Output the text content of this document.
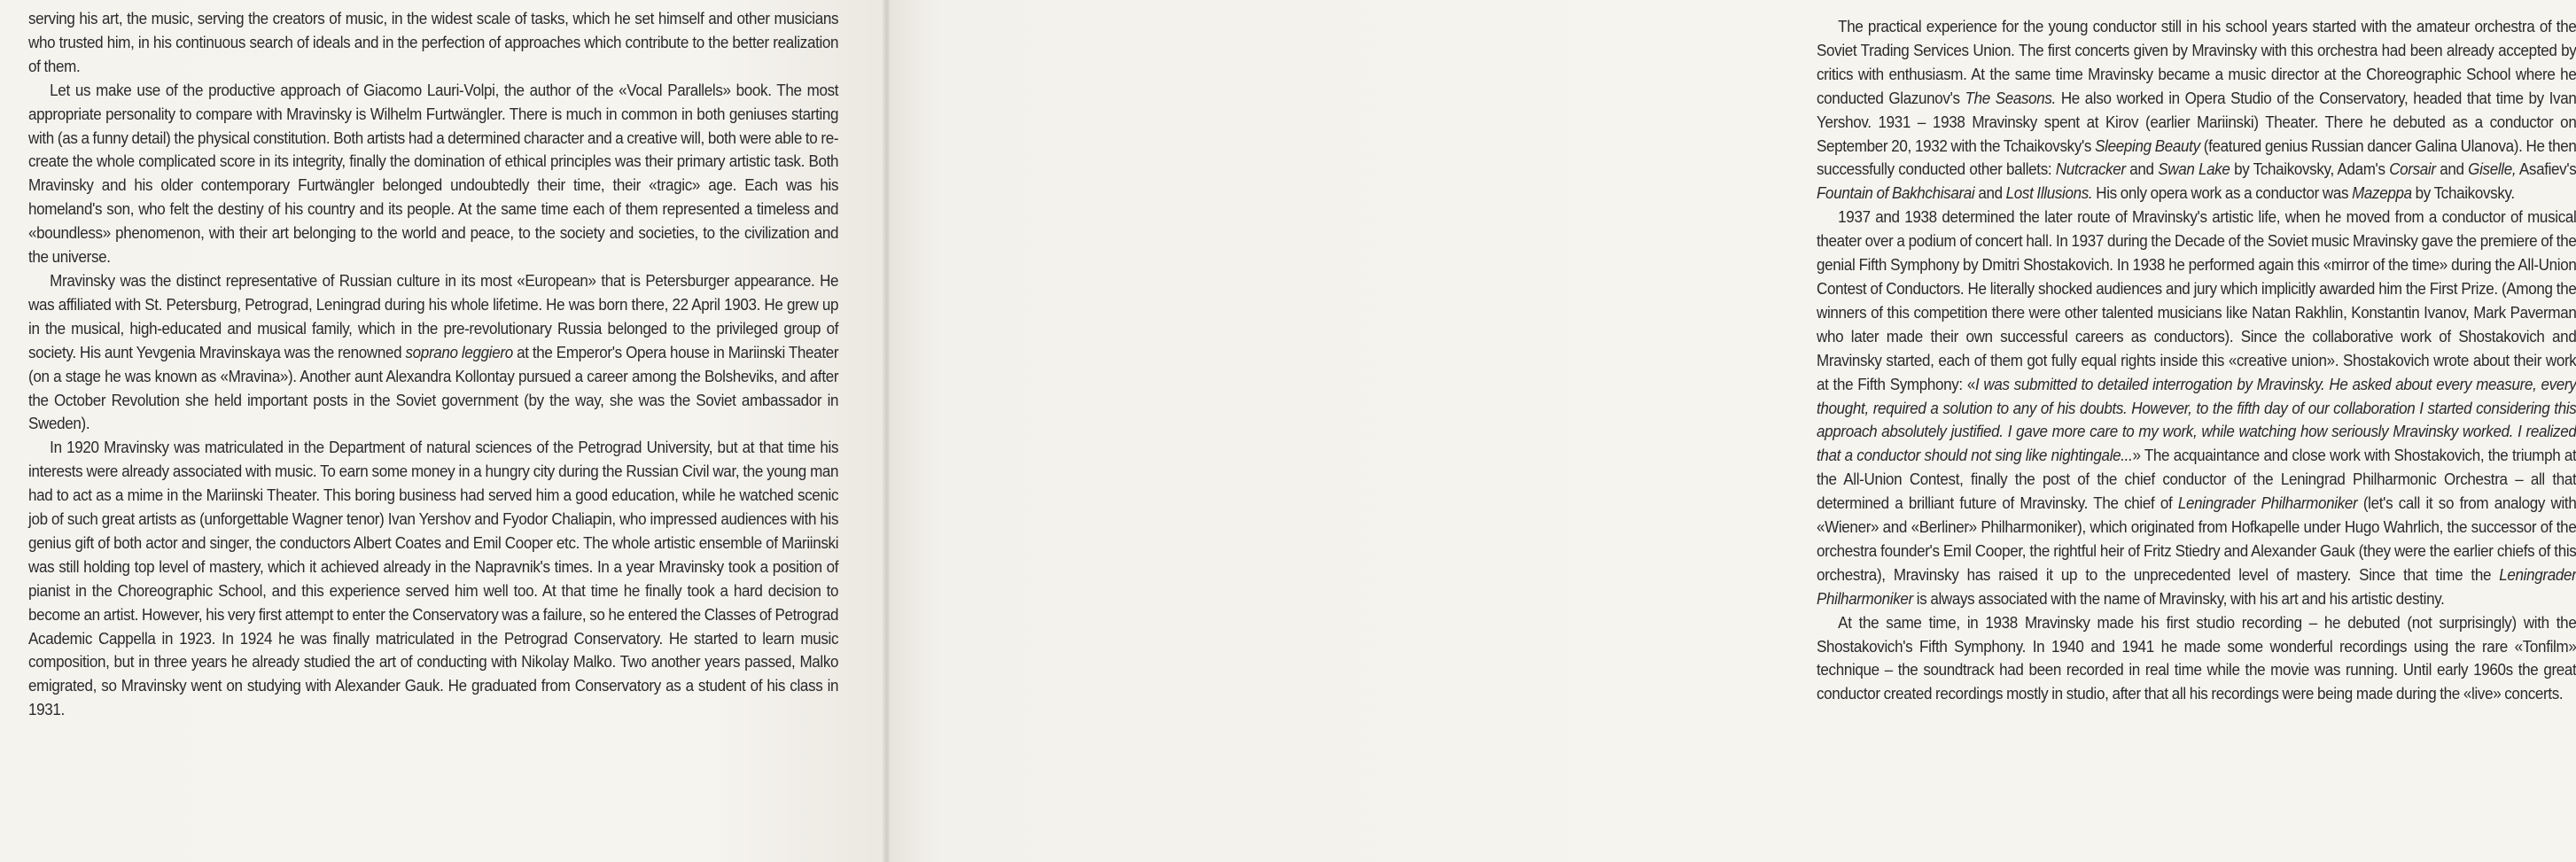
serving his art, the music, serving the creators of music, in the widest scale of tasks, which he set himself and other musicians who trusted him, in his continuous search of ideals and in the perfection of approaches which contribute to the better realization of them.

Let us make use of the productive approach of Giacomo Lauri-Volpi, the author of the «Vocal Parallels» book. The most appropriate personality to compare with Mravinsky is Wilhelm Furtwängler. There is much in common in both geniuses starting with (as a funny detail) the physical constitution. Both artists had a determined character and a creative will, both were able to re-create the whole complicated score in its integrity, finally the domination of ethical principles was their primary artistic task. Both Mravinsky and his older contemporary Furtwängler belonged undoubtedly their time, their «tragic» age. Each was his homeland's son, who felt the destiny of his country and its people. At the same time each of them represented a timeless and «boundless» phenomenon, with their art belonging to the world and peace, to the society and societies, to the civilization and the universe.

Mravinsky was the distinct representative of Russian culture in its most «European» that is Petersburger appearance. He was affiliated with St. Petersburg, Petrograd, Leningrad during his whole lifetime. He was born there, 22 April 1903. He grew up in the musical, high-educated and musical family, which in the pre-revolutionary Russia belonged to the privileged group of society. His aunt Yevgenia Mravinskaya was the renowned soprano leggiero at the Emperor's Opera house in Mariinski Theater (on a stage he was known as «Mravina»). Another aunt Alexandra Kollontay pursued a career among the Bolsheviks, and after the October Revolution she held important posts in the Soviet government (by the way, she was the Soviet ambassador in Sweden).

In 1920 Mravinsky was matriculated in the Department of natural sciences of the Petrograd University, but at that time his interests were already associated with music. To earn some money in a hungry city during the Russian Civil war, the young man had to act as a mime in the Mariinski Theater. This boring business had served him a good education, while he watched scenic job of such great artists as (unforgettable Wagner tenor) Ivan Yershov and Fyodor Chaliapin, who impressed audiences with his genius gift of both actor and singer, the conductors Albert Coates and Emil Cooper etc. The whole artistic ensemble of Mariinski was still holding top level of mastery, which it achieved already in the Napravnik's times. In a year Mravinsky took a position of pianist in the Choreographic School, and this experience served him well too. At that time he finally took a hard decision to become an artist. However, his very first attempt to enter the Conservatory was a failure, so he entered the Classes of Petrograd Academic Cappella in 1923. In 1924 he was finally matriculated in the Petrograd Conservatory. He started to learn music composition, but in three years he already studied the art of conducting with Nikolay Malko. Two another years passed, Malko emigrated, so Mravinsky went on studying with Alexander Gauk. He graduated from Conservatory as a student of his class in 1931.

The practical experience for the young conductor still in his school years started with the amateur orchestra of the Soviet Trading Services Union. The first concerts given by Mravinsky with this orchestra had been already accepted by critics with enthusiasm. At the same time Mravinsky became a music director at the Choreographic School where he conducted Glazunov's The Seasons. He also worked in Opera Studio of the Conservatory, headed that time by Ivan Yershov. 1931 – 1938 Mravinsky spent at Kirov (earlier Mariinski) Theater. There he debuted as a conductor on September 20, 1932 with the Tchaikovsky's Sleeping Beauty (featured genius Russian dancer Galina Ulanova). He then successfully conducted other ballets: Nutcracker and Swan Lake by Tchaikovsky, Adam's Corsair and Giselle, Asafiev's Fountain of Bakhchisarai and Lost Illusions. His only opera work as a conductor was Mazeppa by Tchaikovsky.

1937 and 1938 determined the later route of Mravinsky's artistic life, when he moved from a conductor of musical theater over a podium of concert hall. In 1937 during the Decade of the Soviet music Mravinsky gave the premiere of the genial Fifth Symphony by Dmitri Shostakovich. In 1938 he performed again this «mirror of the time» during the All-Union Contest of Conductors. He literally shocked audiences and jury which implicitly awarded him the First Prize. (Among the winners of this competition there were other talented musicians like Natan Rakhlin, Konstantin Ivanov, Mark Paverman who later made their own successful careers as conductors). Since the collaborative work of Shostakovich and Mravinsky started, each of them got fully equal rights inside this «creative union». Shostakovich wrote about their work at the Fifth Symphony: «I was submitted to detailed interrogation by Mravinsky. He asked about every measure, every thought, required a solution to any of his doubts. However, to the fifth day of our collaboration I started considering this approach absolutely justified. I gave more care to my work, while watching how seriously Mravinsky worked. I realized that a conductor should not sing like nightingale...» The acquaintance and close work with Shostakovich, the triumph at the All-Union Contest, finally the post of the chief conductor of the Leningrad Philharmonic Orchestra – all that determined a brilliant future of Mravinsky. The chief of Leningrader Philharmoniker (let's call it so from analogy with «Wiener» and «Berliner» Philharmoniker), which originated from Hofkapelle under Hugo Wahrlich, the successor of the orchestra founder's Emil Cooper, the rightful heir of Fritz Stiedry and Alexander Gauk (they were the earlier chiefs of this orchestra), Mravinsky has raised it up to the unprecedented level of mastery. Since that time the Leningrader Philharmoniker is always associated with the name of Mravinsky, with his art and his artistic destiny.

At the same time, in 1938 Mravinsky made his first studio recording – he debuted (not surprisingly) with the Shostakovich's Fifth Symphony. In 1940 and 1941 he made some wonderful recordings using the rare «Tonfilm» technique – the soundtrack had been recorded in real time while the movie was running. Until early 1960s the great conductor created recordings mostly in studio, after that all his recordings were being made during the «live» concerts.
